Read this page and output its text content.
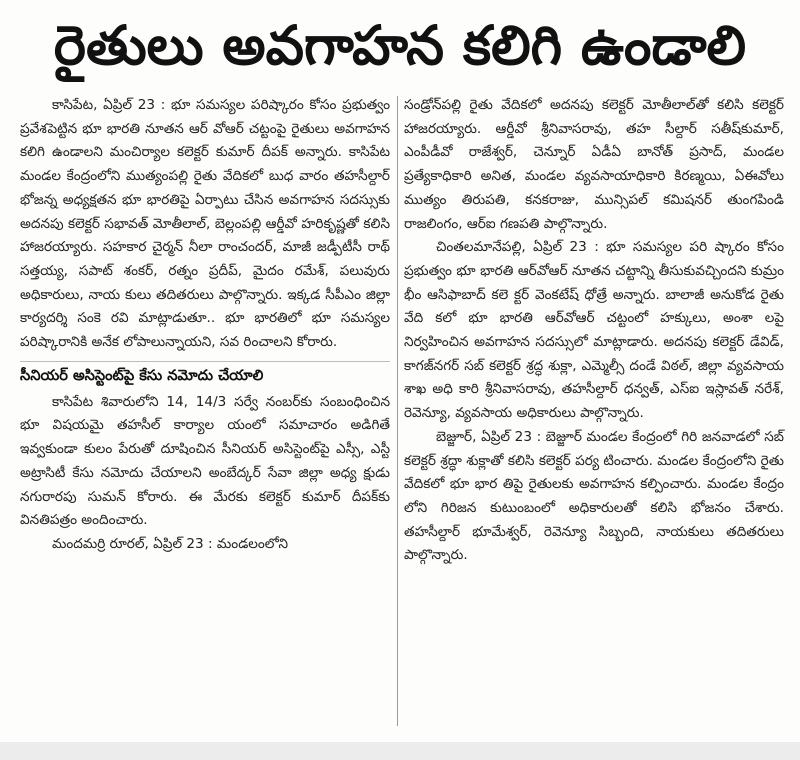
రైతులు అవగాహన కలిగి ఉండాలి

కాసిపేట, ఏప్రిల్ 23 : భూ సమస్యల పరిష్కారం కోసం ప్రభుత్వం ప్రవేశపెట్టిన భూ భారతి నూతన ఆర్ వోఆర్ చట్టంపై రైతులు అవగాహన కలిగి ఉండాలని మంచిర్యాల కలెక్టర్ కుమార్ దీపక్ అన్నారు. కాసిపేట మండల కేంద్రంలోని ముత్యంపల్లి రైతు వేదికలో బుధ వారం తహసీల్దార్ భోజన్న అధ్యక్షతన భూ భారతిపై ఏర్పాటు చేసిన అవగాహన సదస్సుకు అదనపు కలెక్టర్ సభావత్ మోతీలాల్, బెల్లంపల్లి ఆర్డీవో హరికృష్ణతో కలిసి హాజరయ్యారు. సహకార చైర్మన్ నీలా రాంచందర్, మాజీ జడ్పీటీసీ రాథ్ సత్తయ్య, సపాట్ శంకర్, రత్నం ప్రదీప్, మైదం రమేశ్, పలువురు అధికారులు, నాయ కులు తదితరులు పాల్గొన్నారు. ఇక్కడ సీపీఎం జిల్లా కార్యదర్శి సంకె రవి మాట్లాడుతూ.. భూ భారతిలో భూ సమస్యల పరిష్కారానికి అనేక లోపాలున్నాయని, సవ రించాలని కోరారు.

సీనియర్ అసిస్టెంట్‌పై కేసు నమోదు చేయాలి

కాసిపేట శివారులోని 14, 14/3 సర్వే నంబర్‌కు సంబంధించిన భూ విషయమై తహసీల్ కార్యాల యంలో సమాచారం అడిగితే ఇవ్వకుండా కులం పేరుతో దూషించిన సీనియర్ అసిస్టెంట్‌పై ఎస్సీ, ఎస్టీ అట్రాసిటీ కేసు నమోదు చేయాలని అంబేద్కర్ సేవా జిల్లా అధ్య క్షుడు నగురారపు సుమన్ కోరారు. ఈ మేరకు కలెక్టర్ కుమార్ దీపక్‌కు వినతిపత్రం అందించారు.

మందమర్రి రూరల్, ఏప్రిల్ 23 : మండలంలోని

సండ్రోన్‌పల్లి రైతు వేదికలో అదనపు కలెక్టర్ మోతీలాల్‌తో కలిసి కలెక్టర్ హాజరయ్యారు. ఆర్డీవో శ్రీనివాసరావు, తహ సీల్దార్ సతీష్‌కుమార్, ఎంపీడీవో రాజేశ్వర్, చెన్నూర్ ఏడీఏ బానోత్ ప్రసాద్, మండల ప్రత్యేకాధికారి అనిత, మండల వ్యవసాయాధికారి కిరణ్మయి, ఏఈవోలు ముత్యం తిరుపతి, కనకరాజు, మున్సిపల్ కమిషనర్ తుంగపిండి రాజలింగం, ఆర్ఐ గణపతి పాల్గొన్నారు.

చింతలమానేపల్లి, ఏప్రిల్ 23 : భూ సమస్యల పరి ష్కారం కోసం ప్రభుత్వం భూ భారతి ఆర్‌వోఆర్ నూతన చట్టాన్ని తీసుకువచ్చిందని కుమ్రం భీం ఆసిఫాబాద్ కలె క్టర్ వెంకటేష్ ధోత్రే అన్నారు. బాలాజీ అనుకోడ రైతు వేది కలో భూ భారతి ఆర్‌వోఆర్ చట్టంలో హక్కులు, అంశా లపై నిర్వహించిన అవగాహన సదస్సులో మాట్లాడారు. అదనపు కలెక్టర్ డేవిడ్, కాగజ్‌నగర్ సబ్ కలెక్టర్ శ్రద్ధ శుక్లా, ఎమ్మెల్సీ దండే విఠల్, జిల్లా వ్యవసాయ శాఖ అధి కారి శ్రీనివాసరావు, తహసీల్దార్ ధన్వత్, ఎస్ఐ ఇస్లావత్ నరేశ్, రెవెన్యూ, వ్యవసాయ అధికారులు పాల్గొన్నారు.

బెజ్జూర్, ఏప్రిల్ 23 : బెజ్జూర్ మండల కేంద్రంలో గిరి జనవాడలో సబ్ కలెక్టర్ శ్రద్ధా శుక్లాతో కలిసి కలెక్టర్ పర్య టించారు. మండల కేంద్రంలోని రైతు వేదికలో భూ భార తిపై రైతులకు అవగాహన కల్పించారు. మండల కేంద్రం లోని గిరిజన కుటుంబంలో అధికారులతో కలిసి భోజనం చేశారు. తహసీల్దార్ భూమేశ్వర్, రెవెన్యూ సిబ్బంది, నాయకులు తదితరులు పాల్గొన్నారు.
